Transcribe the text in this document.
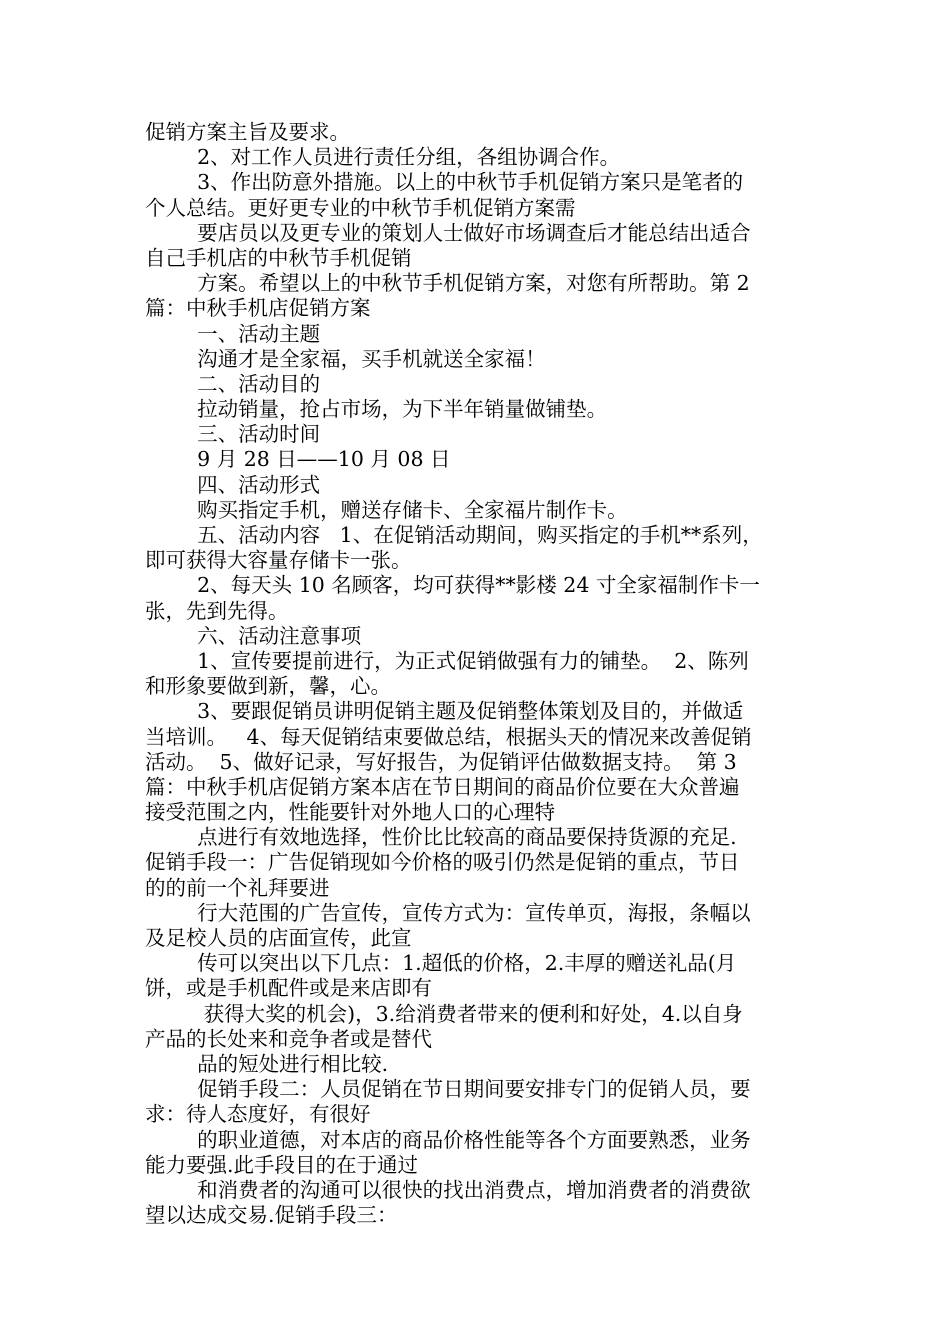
促销方案主旨及要求。
2、对工作人员进行责任分组，各组协调合作。
3、作出防意外措施。以上的中秋节手机促销方案只是笔者的
个人总结。更好更专业的中秋节手机促销方案需
要店员以及更专业的策划人士做好市场调查后才能总结出适合
自己手机店的中秋节手机促销
方案。希望以上的中秋节手机促销方案，对您有所帮助。第 2
篇：中秋手机店促销方案
一、活动主题
沟通才是全家福，买手机就送全家福！
二、活动目的
拉动销量，抢占市场，为下半年销量做铺垫。
三、活动时间
9 月 28 日——10 月 08 日
四、活动形式
购买指定手机，赠送存储卡、全家福片制作卡。
五、活动内容   1、在促销活动期间，购买指定的手机**系列，
即可获得大容量存储卡一张。
2、每天头 10 名顾客，均可获得**影楼 24 寸全家福制作卡一
张，先到先得。
六、活动注意事项
1、宣传要提前进行，为正式促销做强有力的铺垫。  2、陈列
和形象要做到新，馨，心。
3、要跟促销员讲明促销主题及促销整体策划及目的，并做适
当培训。   4、每天促销结束要做总结，根据头天的情况来改善促销
活动。  5、做好记录，写好报告，为促销评估做数据支持。  第 3
篇：中秋手机店促销方案本店在节日期间的商品价位要在大众普遍
接受范围之内，性能要针对外地人口的心理特
点进行有效地选择，性价比比较高的商品要保持货源的充足.
促销手段一：广告促销现如今价格的吸引仍然是促销的重点，节日
的的前一个礼拜要进
行大范围的广告宣传，宣传方式为：宣传单页，海报，条幅以
及足校人员的店面宣传，此宣
传可以突出以下几点：1.超低的价格，2.丰厚的赠送礼品(月
饼，或是手机配件或是来店即有
获得大奖的机会)，3.给消费者带来的便利和好处，4.以自身
产品的长处来和竞争者或是替代
品的短处进行相比较.
促销手段二：人员促销在节日期间要安排专门的促销人员，要
求：待人态度好，有很好
的职业道德，对本店的商品价格性能等各个方面要熟悉，业务
能力要强.此手段目的在于通过
和消费者的沟通可以很快的找出消费点，增加消费者的消费欲
望以达成交易.促销手段三：
